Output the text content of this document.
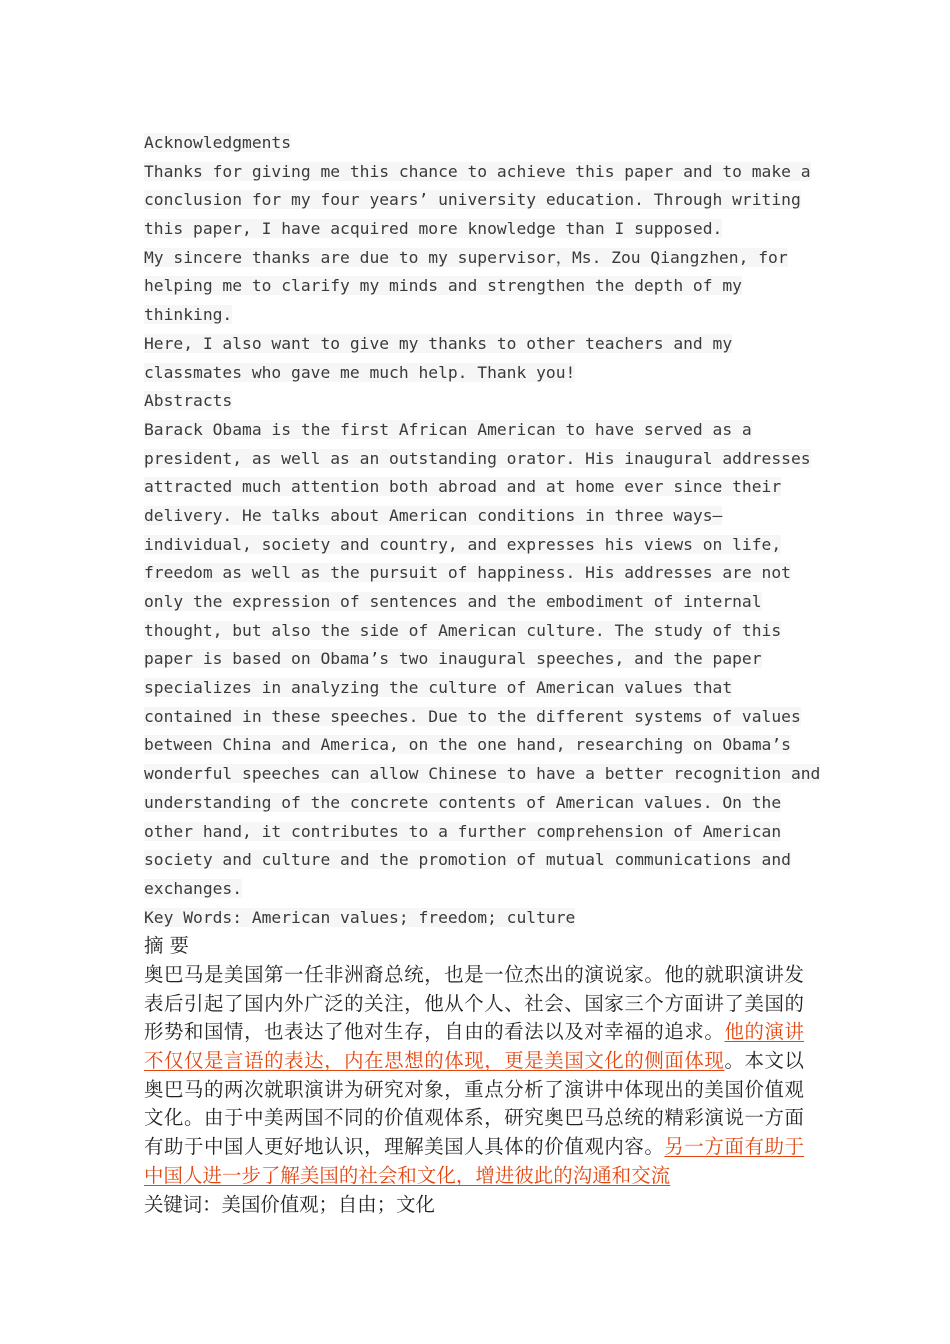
Acknowledgments
Thanks for giving me this chance to achieve this paper and to make a
conclusion for my four years’ university education. Through writing
this paper, I have acquired more knowledge than I supposed.
My sincere thanks are due to my supervisor，Ms. Zou Qiangzhen, for
helping me to clarify my minds and strengthen the depth of my
thinking.
Here, I also want to give my thanks to other teachers and my
classmates who gave me much help. Thank you!
Abstracts
Barack Obama is the first African American to have served as a
president, as well as an outstanding orator. His inaugural addresses
attracted much attention both abroad and at home ever since their
delivery. He talks about American conditions in three ways—
individual, society and country, and expresses his views on life,
freedom as well as the pursuit of happiness. His addresses are not
only the expression of sentences and the embodiment of internal
thought, but also the side of American culture. The study of this
paper is based on Obama’s two inaugural speeches, and the paper
specializes in analyzing the culture of American values that
contained in these speeches. Due to the different systems of values
between China and America, on the one hand, researching on Obama’s
wonderful speeches can allow Chinese to have a better recognition and
understanding of the concrete contents of American values. On the
other hand, it contributes to a further comprehension of American
society and culture and the promotion of mutual communications and
exchanges.
Key Words: American values; freedom; culture
摘 要
奥巴马是美国第一任非洲裔总统，也是一位杰出的演说家。他的就职演讲发表后引起了国内外广泛的关注，他从个人、社会、国家三个方面讲了美国的形势和国情，也表达了他对生存，自由的看法以及对幸福的追求。他的演讲不仅仅是言语的表达，内在思想的体现，更是美国文化的侧面体现。本文以奥巴马的两次就职演讲为研究对象，重点分析了演讲中体现出的美国价值观文化。由于中美两国不同的价值观体系，研究奥巴马总统的精彩演说一方面有助于中国人更好地认识，理解美国人具体的价值观内容。另一方面有助于中国人进一步了解美国的社会和文化，增进彼此的沟通和交流
关键词：美国价值观；自由；文化
